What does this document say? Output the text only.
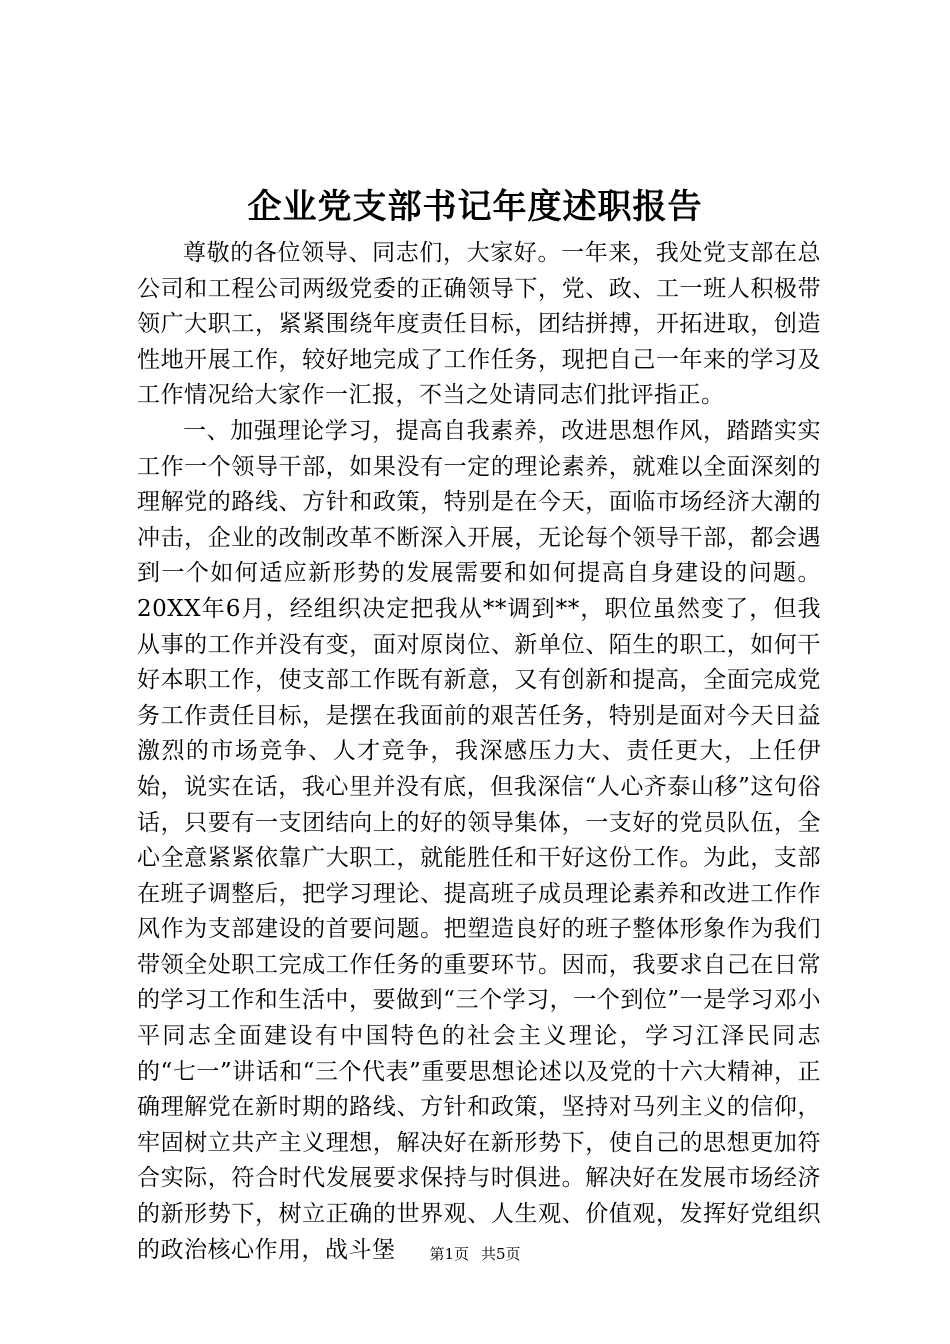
企业党支部书记年度述职报告

尊敬的各位领导、同志们，大家好。一年来，我处党支部在总公司和工程公司两级党委的正确领导下，党、政、工一班人积极带领广大职工，紧紧围绕年度责任目标，团结拼搏，开拓进取，创造性地开展工作，较好地完成了工作任务，现把自己一年来的学习及工作情况给大家作一汇报，不当之处请同志们批评指正。

一、加强理论学习，提高自我素养，改进思想作风，踏踏实实工作一个领导干部，如果没有一定的理论素养，就难以全面深刻的理解党的路线、方针和政策，特别是在今天，面临市场经济大潮的冲击，企业的改制改革不断深入开展，无论每个领导干部，都会遇到一个如何适应新形势的发展需要和如何提高自身建设的问题。20XX年6月，经组织决定把我从**调到**，职位虽然变了，但我从事的工作并没有变，面对原岗位、新单位、陌生的职工，如何干好本职工作，使支部工作既有新意，又有创新和提高，全面完成党务工作责任目标，是摆在我面前的艰苦任务，特别是面对今天日益激烈的市场竞争、人才竞争，我深感压力大、责任更大，上任伊始，说实在话，我心里并没有底，但我深信“人心齐泰山移”这句俗话，只要有一支团结向上的好的领导集体，一支好的党员队伍，全心全意紧紧依靠广大职工，就能胜任和干好这份工作。为此，支部在班子调整后，把学习理论、提高班子成员理论素养和改进工作作风作为支部建设的首要问题。把塑造良好的班子整体形象作为我们带领全处职工完成工作任务的重要环节。因而，我要求自己在日常的学习工作和生活中，要做到“三个学习，一个到位”一是学习邓小平同志全面建设有中国特色的社会主义理论，学习江泽民同志的“七一”讲话和“三个代表”重要思想论述以及党的十六大精神，正确理解党在新时期的路线、方针和政策，坚持对马列主义的信仰，牢固树立共产主义理想，解决好在新形势下，使自己的思想更加符合实际，符合时代发展要求保持与时俱进。解决好在发展市场经济的新形势下，树立正确的世界观、人生观、价值观，发挥好党组织的政治核心作用，战斗堡	第1页 共5页
